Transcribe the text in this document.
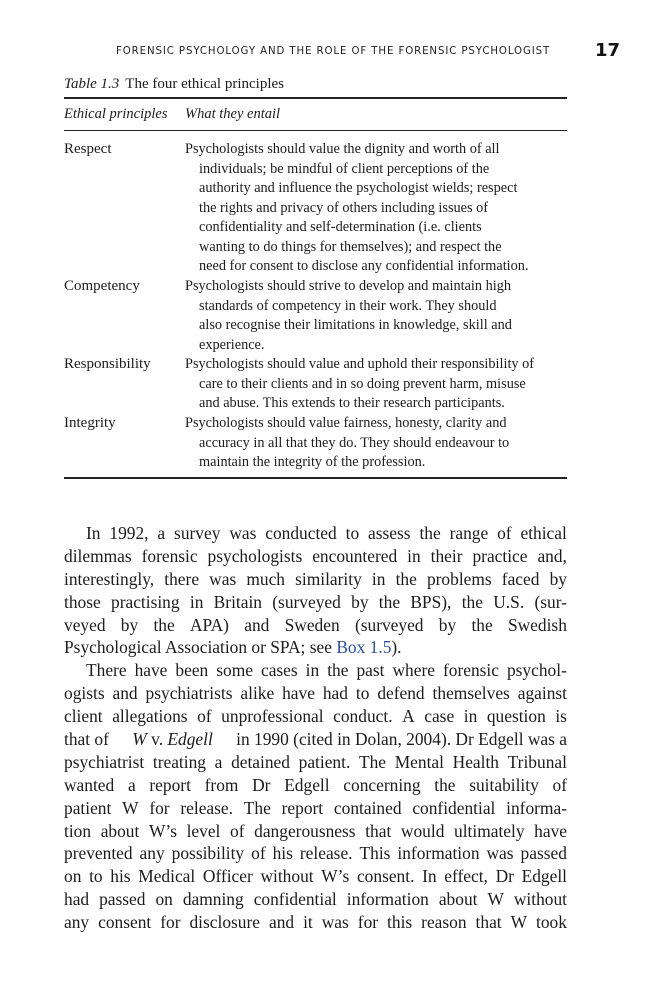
FORENSIC PSYCHOLOGY AND THE ROLE OF THE FORENSIC PSYCHOLOGIST 17
Table 1.3 The four ethical principles
Ethical principles What they entail
Respect	Psychologists should value the dignity and worth of all
individuals; be mindful of client perceptions of the
authority and influence the psychologist wields; respect
the rights and privacy of others including issues of
confidentiality and self-determination (i.e. clients
wanting to do things for themselves); and respect the
need for consent to disclose any confidential information.
Competency	Psychologists should strive to develop and maintain high
standards of competency in their work. They should
also recognise their limitations in knowledge, skill and
experience.
Responsibility Psychologists should value and uphold their responsibility of
care to their clients and in so doing prevent harm, misuse
and abuse. This extends to their research participants.
Integrity	Psychologists should value fairness, honesty, clarity and
accuracy in all that they do. They should endeavour to
maintain the integrity of the profession.
In 1992, a survey was conducted to assess the range of ethical
dilemmas forensic psychologists encountered in their practice and,
interestingly, there was much similarity in the problems faced by
those practising in Britain (surveyed by the BPS), the U.S. (sur-
veyed by the APA) and Sweden (surveyed by the Swedish
Psychological Association or SPA; see
Box 1.5 ).
There have been some cases in the past where forensic psychol-
ogists and psychiatrists alike have had to defend themselves against
client allegations of unprofessional conduct. A case in question is
that of W v. Edgell in 1990 (cited in Dolan, 2004). Dr Edgell was a
psychiatrist treating a detained patient. The Mental Health Tribunal
wanted a report from Dr Edgell concerning the suitability of
patient W for release. The report contained confidential informa-
tion about W’s level of dangerousness that would ultimately have
prevented any possibility of his release. This information was passed
on to his Medical Officer without W’s consent. In effect, Dr Edgell
had passed on damning confidential information about W without
any consent for disclosure and it was for this reason that W took
